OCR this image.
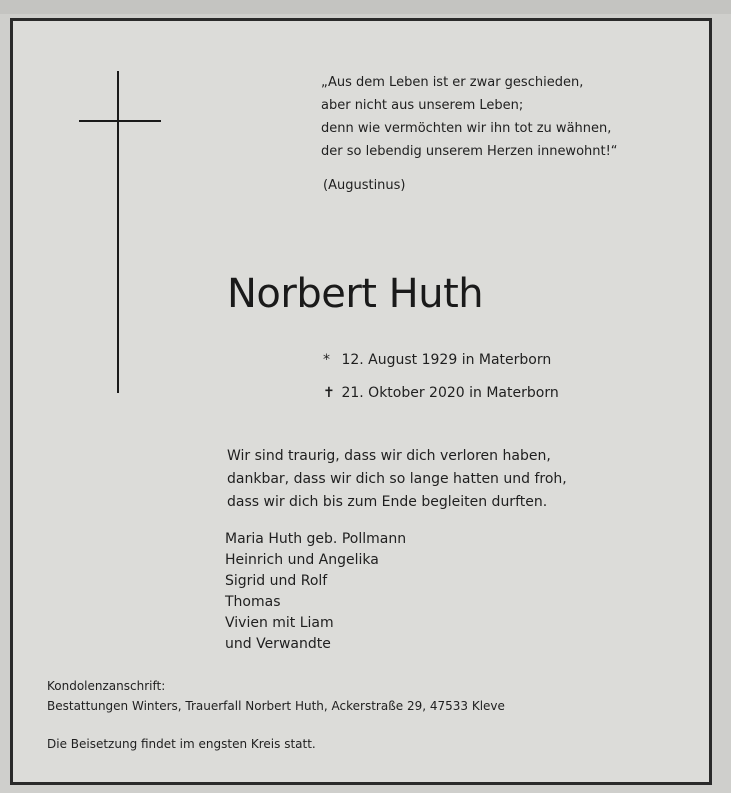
„Aus dem Leben ist er zwar geschieden,
aber nicht aus unserem Leben;
denn wie vermöchten wir ihn tot zu wähnen,
der so lebendig unserem Herzen innewohnt!“
(Augustinus)
Norbert Huth
* 12. August 1929 in Materborn
✝ 21. Oktober 2020 in Materborn
Wir sind traurig, dass wir dich verloren haben,
dankbar, dass wir dich so lange hatten und froh,
dass wir dich bis zum Ende begleiten durften.
Maria Huth geb. Pollmann
Heinrich und Angelika
Sigrid und Rolf
Thomas
Vivien mit Liam
und Verwandte
Kondolenzanschrift:
Bestattungen Winters, Trauerfall Norbert Huth, Ackerstraße 29, 47533 Kleve
Die Beisetzung findet im engsten Kreis statt.
